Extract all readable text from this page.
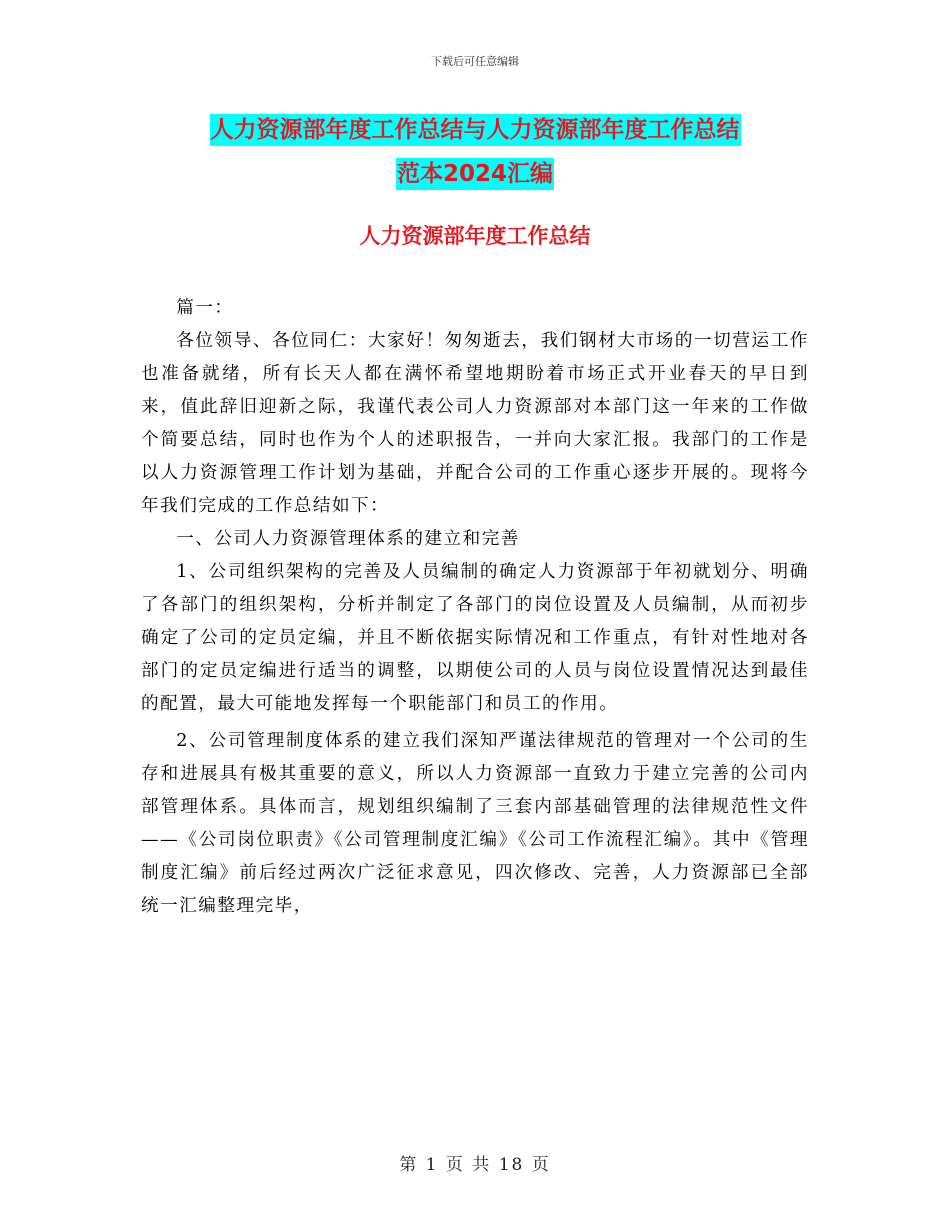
下载后可任意编辑
人力资源部年度工作总结与人力资源部年度工作总结
范本2024汇编
人力资源部年度工作总结

篇一：

各位领导、各位同仁：大家好！匆匆逝去，我们钢材大市场的一切营运工作也准备就绪，所有长天人都在满怀希望地期盼着市场正式开业春天的早日到来，值此辞旧迎新之际，我谨代表公司人力资源部对本部门这一年来的工作做个简要总结，同时也作为个人的述职报告，一并向大家汇报。我部门的工作是以人力资源管理工作计划为基础，并配合公司的工作重心逐步开展的。现将今年我们完成的工作总结如下：

一、公司人力资源管理体系的建立和完善

1、公司组织架构的完善及人员编制的确定人力资源部于年初就划分、明确了各部门的组织架构，分析并制定了各部门的岗位设置及人员编制，从而初步确定了公司的定员定编，并且不断依据实际情况和工作重点，有针对性地对各部门的定员定编进行适当的调整，以期使公司的人员与岗位设置情况达到最佳的配置，最大可能地发挥每一个职能部门和员工的作用。

2、公司管理制度体系的建立我们深知严谨法律规范的管理对一个公司的生存和进展具有极其重要的意义，所以人力资源部一直致力于建立完善的公司内部管理体系。具体而言，规划组织编制了三套内部基础管理的法律规范性文件——《公司岗位职责》《公司管理制度汇编》《公司工作流程汇编》。其中《管理制度汇编》前后经过两次广泛征求意见，四次修改、完善，人力资源部已全部统一汇编整理完毕，

第 1 页 共 18 页
